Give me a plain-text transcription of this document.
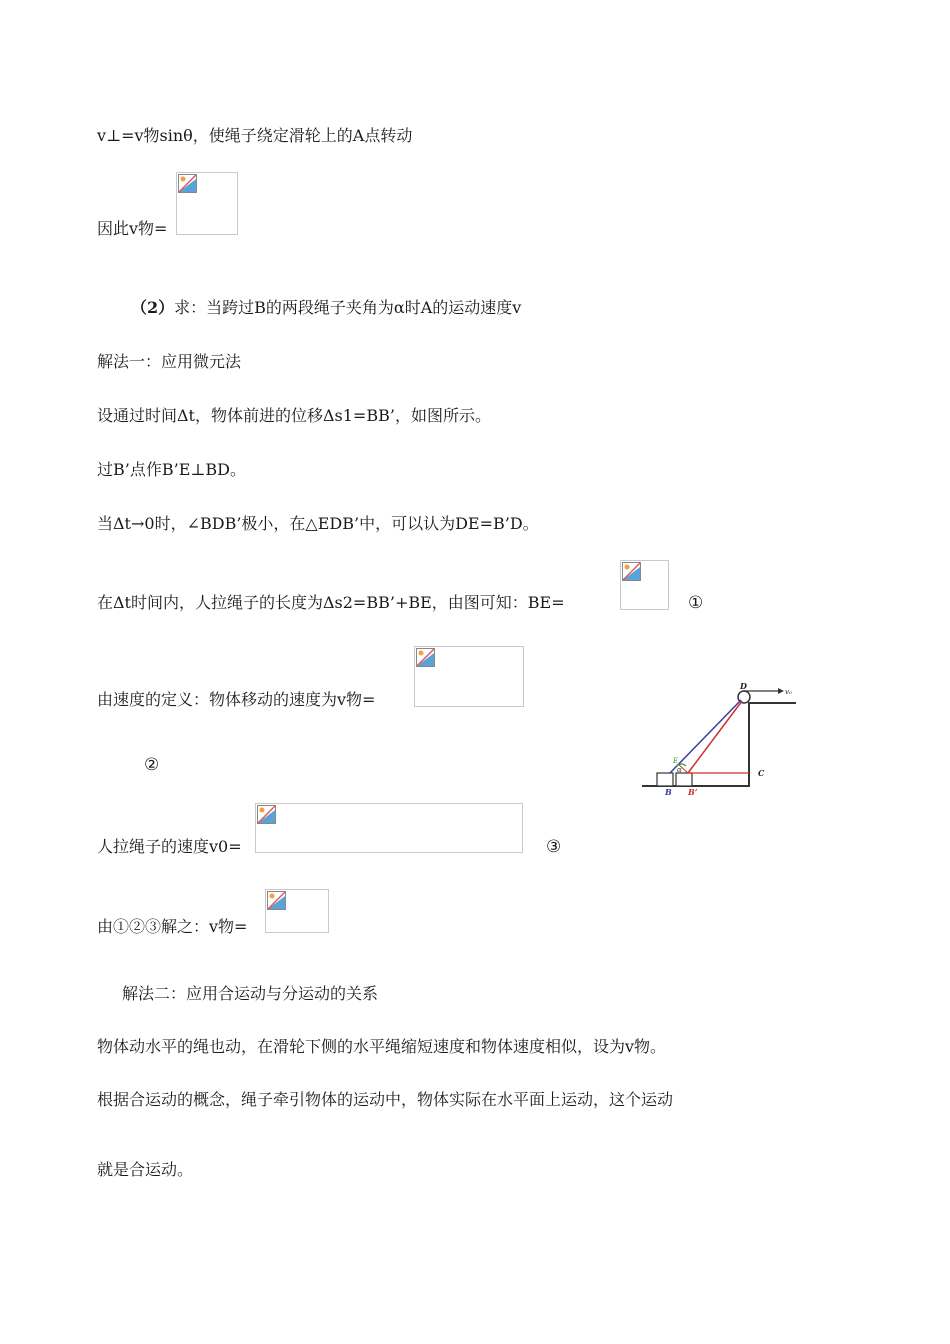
v⊥=v物sinθ，使绳子绕定滑轮上的A点转动
因此v物=
（2）求：当跨过B的两段绳子夹角为α时A的运动速度v
解法一：应用微元法
设通过时间Δt，物体前进的位移Δs1=BB’，如图所示。
过B’点作B’E⊥BD。
当Δt→0时，∠BDB’极小，在△EDB’中，可以认为DE=B’D。
在Δt时间内，人拉绳子的长度为Δs2=BB’+BE，由图可知：BE=	①
由速度的定义：物体移动的速度为v物=
②
人拉绳子的速度v0=	③
由①②③解之：v物=
解法二：应用合运动与分运动的关系
物体动水平的绳也动，在滑轮下侧的水平绳缩短速度和物体速度相似，设为v物。
根据合运动的概念，绳子牵引物体的运动中，物体实际在水平面上运动，这个运动
就是合运动。
D
v₀
E
α	C
B B’
